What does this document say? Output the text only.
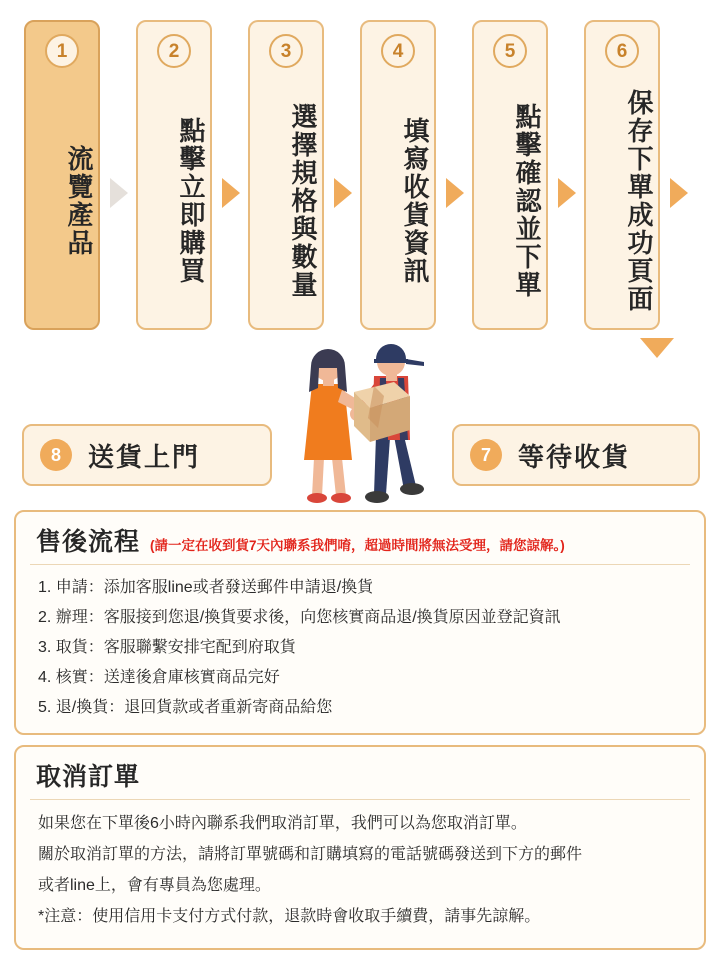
1
流覽產品
2
點擊立即購買
3
選擇規格與數量
4
填寫收貨資訊
5
點擊確認並下單
6
保存下單成功頁面
8	送貨上門	7	等待收貨
售後流程 (請一定在收到貨7天內聯系我們唷，超過時間將無法受理，請您諒解。)
1. 申請：添加客服line或者發送郵件申請退/換貨
2. 辦理：客服接到您退/換貨要求後，向您核實商品退/換貨原因並登記資訊
3. 取貨：客服聯繫安排宅配到府取貨
4. 核實：送達後倉庫核實商品完好
5. 退/換貨：退回貨款或者重新寄商品給您
取消訂單
如果您在下單後6小時內聯系我們取消訂單，我們可以為您取消訂單。
關於取消訂單的方法，請將訂單號碼和訂購填寫的電話號碼發送到下方的郵件
或者line上，會有專員為您處理。
*注意：使用信用卡支付方式付款，退款時會收取手續費，請事先諒解。
